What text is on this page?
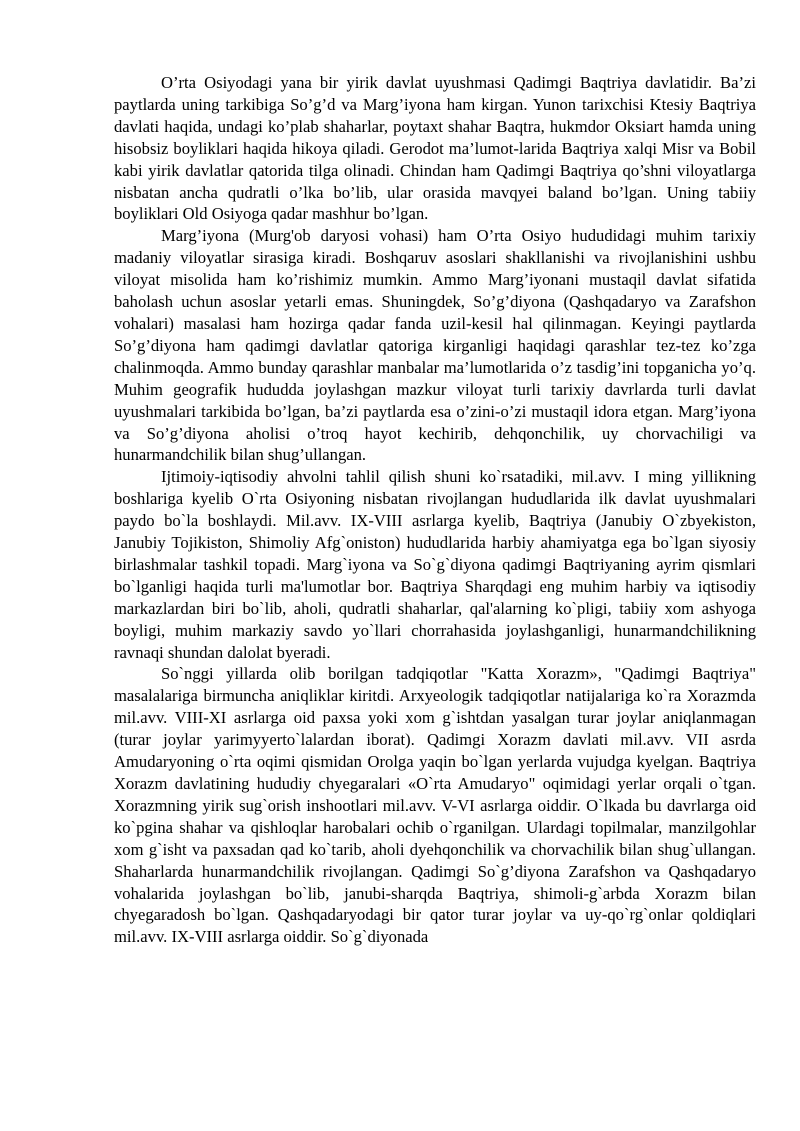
O’rta Osiyodagi yana bir yirik davlat uyushmasi Qadimgi Baqtriya davlatidir. Ba’zi paytlarda uning tarkibiga So’g’d va Marg’iyona ham kirgan. Yunon tarixchisi Ktesiy Baqtriya davlati haqida, undagi ko’plab shaharlar, poytaxt shahar Baqtra, hukmdor Oksiart hamda uning hisobsiz boyliklari haqida hikoya qiladi. Gerodot ma’lumot-larida Baqtriya xalqi Misr va Bobil kabi yirik davlatlar qatorida tilga olinadi. Chindan ham Qadimgi Baqtriya qo’shni viloyatlarga nisbatan ancha qudratli o’lka bo’lib, ular orasida mavqyei baland bo’lgan. Uning tabiiy boyliklari Old Osiyoga qadar mashhur bo’lgan.

Marg’iyona (Murg'ob daryosi vohasi) ham O’rta Osiyo hududidagi muhim tarixiy madaniy viloyatlar sirasiga kiradi. Boshqaruv asoslari shakllanishi va rivojlanishini ushbu viloyat misolida ham ko’rishimiz mumkin. Ammo Marg’iyonani mustaqil davlat sifatida baholash uchun asoslar yetarli emas. Shuningdek, So’g’diyona (Qashqadaryo va Zarafshon vohalari) masalasi ham hozirga qadar fanda uzil-kesil hal qilinmagan. Keyingi paytlarda So’g’diyona ham qadimgi davlatlar qatoriga kirganligi haqidagi qarashlar tez-tez ko’zga chalinmoqda. Ammo bunday qarashlar manbalar ma’lumotlarida o’z tasdig’ini topganicha yo’q. Muhim geografik hududda joylashgan mazkur viloyat turli tarixiy davrlarda turli davlat uyushmalari tarkibida bo’lgan, ba’zi paytlarda esa o’zini-o’zi mustaqil idora etgan. Marg’iyona va So’g’diyona aholisi o’troq hayot kechirib, dehqonchilik, uy chorvachiligi va hunarmandchilik bilan shug’ullangan.

Ijtimoiy-iqtisodiy ahvolni tahlil qilish shuni ko`rsatadiki, mil.avv. I ming yillikning boshlariga kyelib O`rta Osiyoning nisbatan rivojlangan hududlarida ilk davlat uyushmalari paydo bo`la boshlaydi. Mil.avv. IX-VIII asrlarga kyelib, Baqtriya (Janubiy O`zbyekiston, Janubiy Tojikiston, Shimoliy Afg`oniston) hududlarida harbiy ahamiyatga ega bo`lgan siyosiy birlashmalar tashkil topadi. Marg`iyona va So`g`diyona qadimgi Baqtriyaning ayrim qismlari bo`lganligi haqida turli ma'lumotlar bor. Baqtriya Sharqdagi eng muhim harbiy va iqtisodiy markazlardan biri bo`lib, aholi, qudratli shaharlar, qal'alarning ko`pligi, tabiiy xom ashyoga boyligi, muhim markaziy savdo yo`llari chorrahasida joylashganligi, hunarmandchilikning ravnaqi shundan dalolat byeradi.

So`nggi yillarda olib borilgan tadqiqotlar "Katta Xorazm», "Qadimgi Baqtriya" masalalariga birmuncha aniqliklar kiritdi. Arxyeologik tadqiqotlar natijalariga ko`ra Xorazmda mil.avv. VIII-XI asrlarga oid paxsa yoki xom g`ishtdan yasalgan turar joylar aniqlanmagan (turar joylar yarimyyerto`lalardan iborat). Qadimgi Xorazm davlati mil.avv. VII asrda Amudaryoning o`rta oqimi qismidan Orolga yaqin bo`lgan yerlarda vujudga kyelgan. Baqtriya Xorazm davlatining hududiy chyegaralari «O`rta Amudaryo" oqimidagi yerlar orqali o`tgan. Xorazmning yirik sug`orish inshootlari mil.avv. V-VI asrlarga oiddir. O`lkada bu davrlarga oid ko`pgina shahar va qishloqlar harobalari ochib o`rganilgan. Ulardagi topilmalar, manzilgohlar xom g`isht va paxsadan qad ko`tarib, aholi dyehqonchilik va chorvachilik bilan shug`ullangan. Shaharlarda hunarmandchilik rivojlangan. Qadimgi So`g’diyona Zarafshon va Qashqadaryo vohalarida joylashgan bo`lib, janubi-sharqda Baqtriya, shimoli-g`arbda Xorazm bilan chyegaradosh bo`lgan. Qashqadaryodagi bir qator turar joylar va uy-qo`rg`onlar qoldiqlari mil.avv. IX-VIII asrlarga oiddir. So`g`diyonada
